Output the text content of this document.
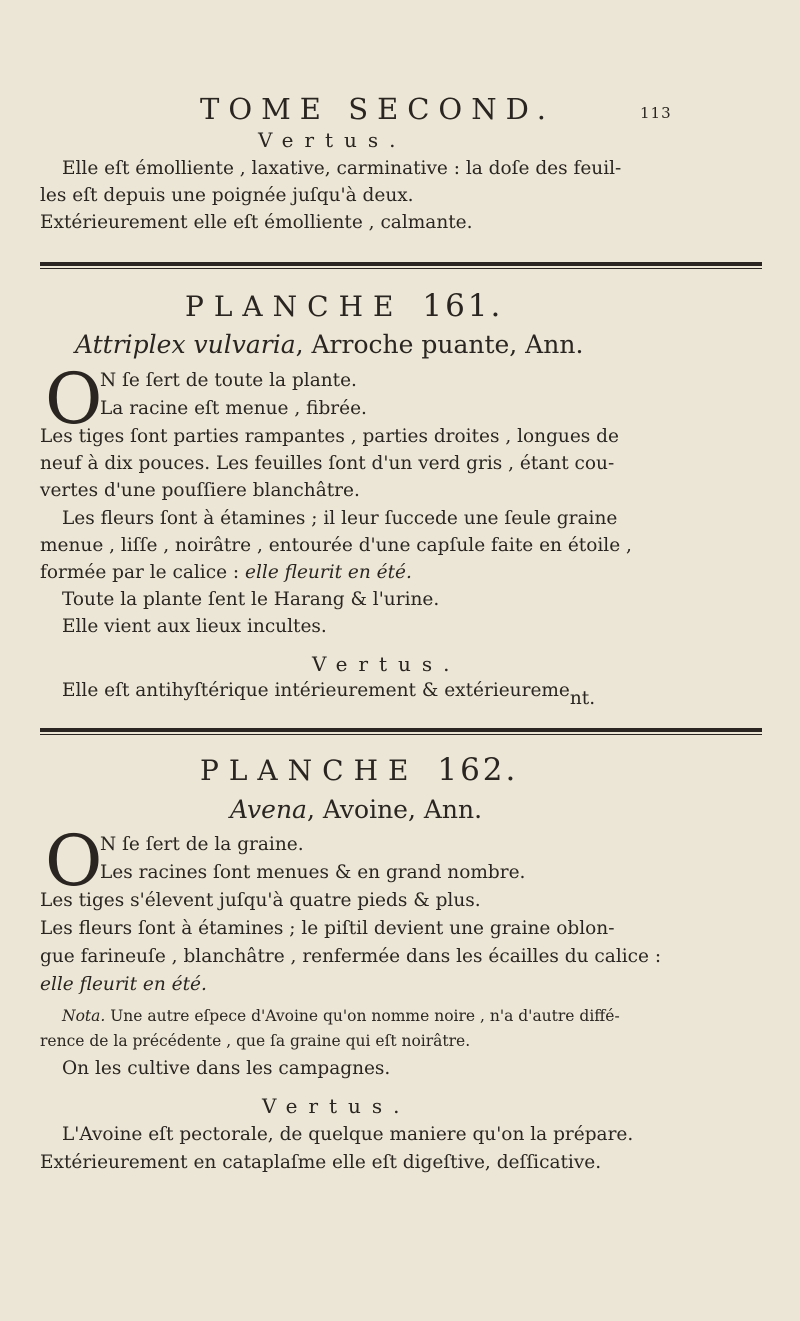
TOME SECOND.	113
Vertus.
Elle eſt émolliente , laxative, carminative : la doſe des feuil-
les eſt depuis une poignée juſqu'à deux.
Extérieurement elle eſt émolliente , calmante.
PLANCHE 161.
Attriplex vulvaria, Arroche puante, Ann.
O
N ſe ſert de toute la plante.
La racine eſt menue , fibrée.
Les tiges ſont parties rampantes , parties droites , longues de
neuf à dix pouces. Les feuilles ſont d'un verd gris , étant cou-
vertes d'une pouſſiere blanchâtre.
Les fleurs ſont à étamines ; il leur ſuccede une ſeule graine
menue , liſſe , noirâtre , entourée d'une capſule faite en étoile ,
formée par le calice : elle fleurit en été.
Toute la plante ſent le Harang & l'urine.
Elle vient aux lieux incultes.
Vertus.
Elle eſt antihyſtérique intérieurement & extérieurement.
PLANCHE 162.
Avena, Avoine, Ann.
O
N ſe ſert de la graine.
Les racines ſont menues & en grand nombre.
Les tiges s'élevent juſqu'à quatre pieds & plus.
Les fleurs ſont à étamines ; le piſtil devient une graine oblon-
gue farineuſe , blanchâtre , renfermée dans les écailles du calice :
elle fleurit en été.
Nota. Une autre eſpece d'Avoine qu'on nomme noire , n'a d'autre diffé-
rence de la précédente , que ſa graine qui eſt noirâtre.
On les cultive dans les campagnes.
Vertus.
L'Avoine eſt pectorale, de quelque maniere qu'on la prépare.
Extérieurement en cataplaſme elle eſt digeſtive, deſſicative.
